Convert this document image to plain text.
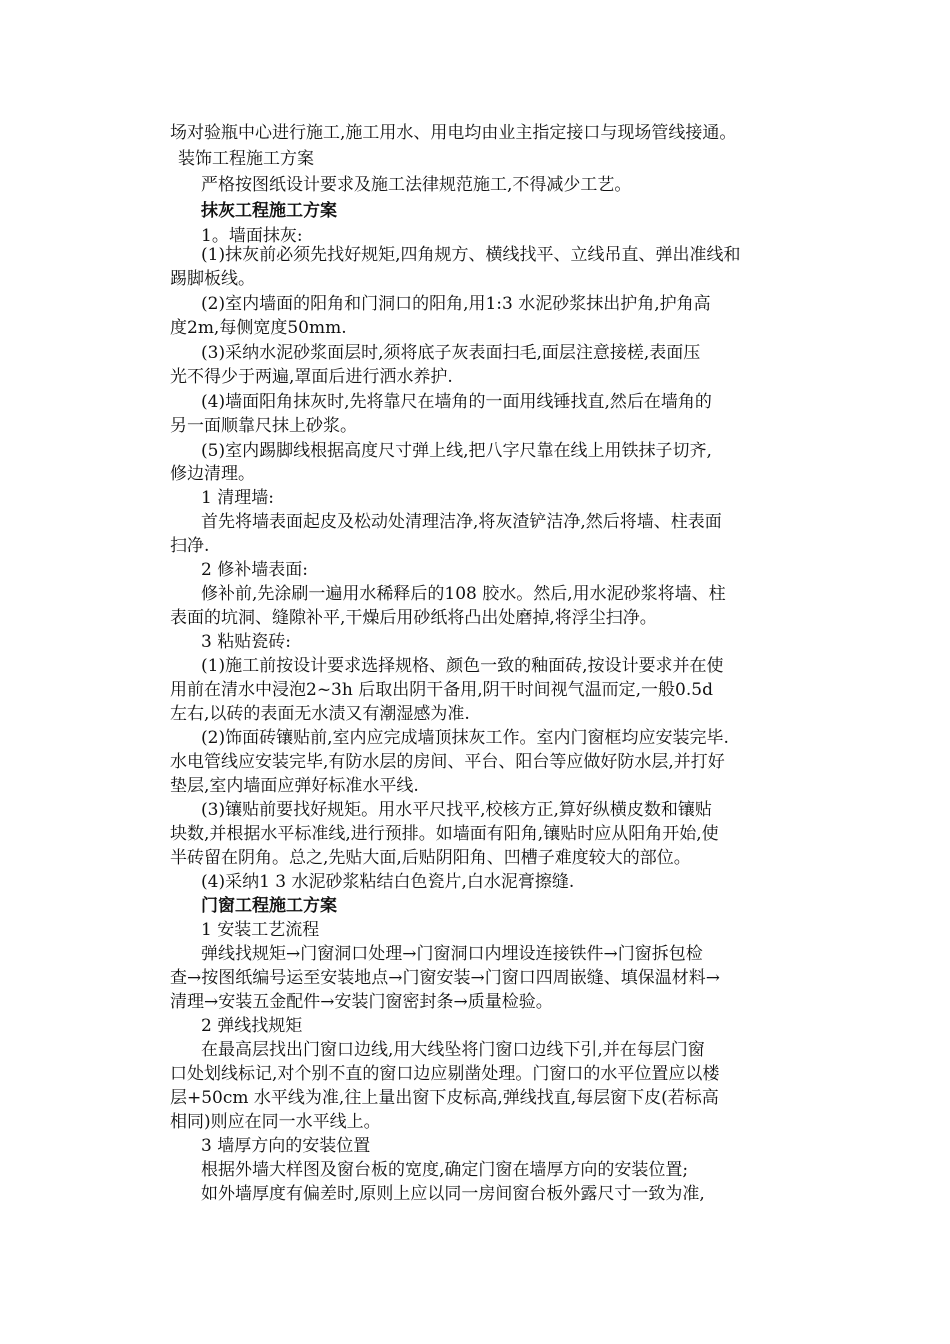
场对验瓶中心进行施工,施工用水、用电均由业主指定接口与现场管线接通。
装饰工程施工方案
严格按图纸设计要求及施工法律规范施工,不得减少工艺。
抹灰工程施工方案
1。墙面抹灰:
(1)抹灰前必须先找好规矩,四角规方、横线找平、立线吊直、弹出准线和
踢脚板线。
(2)室内墙面的阳角和门洞口的阳角,用1:3 水泥砂浆抹出护角,护角高
度2m,每侧宽度50mm.
(3)采纳水泥砂浆面层时,须将底子灰表面扫毛,面层注意接槎,表面压
光不得少于两遍,罩面后进行洒水养护.
(4)墙面阳角抹灰时,先将靠尺在墙角的一面用线锤找直,然后在墙角的
另一面顺靠尺抹上砂浆。
(5)室内踢脚线根据高度尺寸弹上线,把八字尺靠在线上用铁抹子切齐,
修边清理。
1 清理墙:
首先将墙表面起皮及松动处清理洁净,将灰渣铲洁净,然后将墙、柱表面
扫净.
2 修补墙表面:
修补前,先涂刷一遍用水稀释后的108 胶水。然后,用水泥砂浆将墙、柱
表面的坑洞、缝隙补平,干燥后用砂纸将凸出处磨掉,将浮尘扫净。
3 粘贴瓷砖:
(1)施工前按设计要求选择规格、颜色一致的釉面砖,按设计要求并在使
用前在清水中浸泡2~3h 后取出阴干备用,阴干时间视气温而定,一般0.5d
左右,以砖的表面无水渍又有潮湿感为准.
(2)饰面砖镶贴前,室内应完成墙顶抹灰工作。室内门窗框均应安装完毕.
水电管线应安装完毕,有防水层的房间、平台、阳台等应做好防水层,并打好
垫层,室内墙面应弹好标准水平线.
(3)镶贴前要找好规矩。用水平尺找平,校核方正,算好纵横皮数和镶贴
块数,并根据水平标准线,进行预排。如墙面有阳角,镶贴时应从阳角开始,使
半砖留在阴角。总之,先贴大面,后贴阴阳角、凹槽子难度较大的部位。
(4)采纳1 3 水泥砂浆粘结白色瓷片,白水泥膏擦缝.
门窗工程施工方案
1 安装工艺流程
弹线找规矩→门窗洞口处理→门窗洞口内埋设连接铁件→门窗拆包检
查→按图纸编号运至安装地点→门窗安装→门窗口四周嵌缝、填保温材料→
清理→安装五金配件→安装门窗密封条→质量检验。
2 弹线找规矩
在最高层找出门窗口边线,用大线坠将门窗口边线下引,并在每层门窗
口处划线标记,对个别不直的窗口边应剔凿处理。门窗口的水平位置应以楼
层+50cm 水平线为准,往上量出窗下皮标高,弹线找直,每层窗下皮(若标高
相同)则应在同一水平线上。
3 墙厚方向的安装位置
根据外墙大样图及窗台板的宽度,确定门窗在墙厚方向的安装位置;
如外墙厚度有偏差时,原则上应以同一房间窗台板外露尺寸一致为准,
